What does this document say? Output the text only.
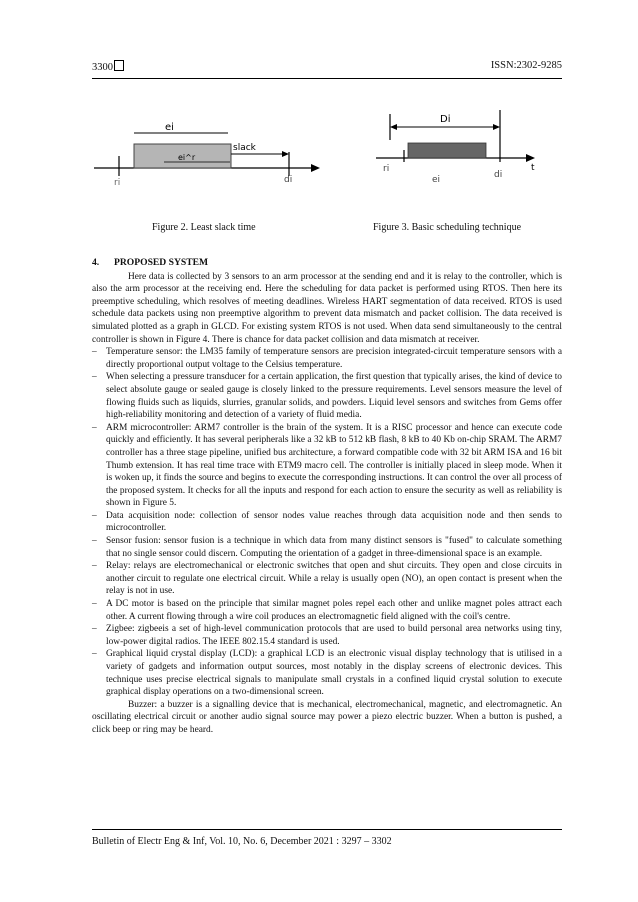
3300	ISSN:2302-9285
ei
slack
ei^r
ri	di
t
Di
ri
ei	di
Figure 2. Least slack time	Figure 3. Basic scheduling technique
4. PROPOSED SYSTEM

Here data is collected by 3 sensors to an arm processor at the sending end and it is relay to the controller, which is also the arm processor at the receiving end. Here the scheduling for data packet is performed using RTOS. Then here its preemptive scheduling, which resolves of meeting deadlines. Wireless HART segmentation of data received. RTOS is used schedule data packets using non preemptive algorithm to prevent data mismatch and packet collision. The data received is simulated plotted as a graph in GLCD. For existing system RTOS is not used. When data send simultaneously to the central controller is shown in Figure 4. There is chance for data packet collision and data mismatch at receiver.

– Temperature sensor: the LM35 family of temperature sensors are precision integrated-circuit temperature sensors with a directly proportional output voltage to the Celsius temperature.
– When selecting a pressure transducer for a certain application, the first question that typically arises, the kind of device to select absolute gauge or sealed gauge is closely linked to the pressure requirements. Level sensors measure the level of flowing fluids such as liquids, slurries, granular solids, and powders. Liquid level sensors and switches from Gems offer high-reliability monitoring and detection of a variety of fluid media.
– ARM microcontroller: ARM7 controller is the brain of the system. It is a RISC processor and hence can execute code quickly and efficiently. It has several peripherals like a 32 kB to 512 kB flash, 8 kB to 40 Kb on-chip SRAM. The ARM7 controller has a three stage pipeline, unified bus architecture, a forward compatible code with 32 bit ARM ISA and 16 bit Thumb extension. It has real time trace with ETM9 macro cell. The controller is initially placed in sleep mode. When it is woken up, it finds the source and begins to execute the corresponding instructions. It can control the over all process of the proposed system. It checks for all the inputs and respond for each action to ensure the security as well as reliability is shown in Figure 5.
– Data acquisition node: collection of sensor nodes value reaches through data acquisition node and then sends to microcontroller.
– Sensor fusion: sensor fusion is a technique in which data from many distinct sensors is "fused" to calculate something that no single sensor could discern. Computing the orientation of a gadget in three-dimensional space is an example.
– Relay: relays are electromechanical or electronic switches that open and shut circuits. They open and close circuits in another circuit to regulate one electrical circuit. While a relay is usually open (NO), an open contact is present when the relay is not in use.
– A DC motor is based on the principle that similar magnet poles repel each other and unlike magnet poles attract each other. A current flowing through a wire coil produces an electromagnetic field aligned with the coil's centre.
– Zigbee: zigbeeis a set of high-level communication protocols that are used to build personal area networks using tiny, low-power digital radios. The IEEE 802.15.4 standard is used.
– Graphical liquid crystal display (LCD): a graphical LCD is an electronic visual display technology that is utilised in a variety of gadgets and information output sources, most notably in the display screens of electronic devices. This technique uses precise electrical signals to manipulate small crystals in a confined liquid crystal solution to execute graphical display operations on a two-dimensional screen.

Buzzer: a buzzer is a signalling device that is mechanical, electromechanical, magnetic, and electromagnetic. An oscillating electrical circuit or another audio signal source may power a piezo electric buzzer. When a button is pushed, a click beep or ring may be heard.

Bulletin of Electr Eng & Inf, Vol. 10, No. 6, December 2021 : 3297 – 3302
